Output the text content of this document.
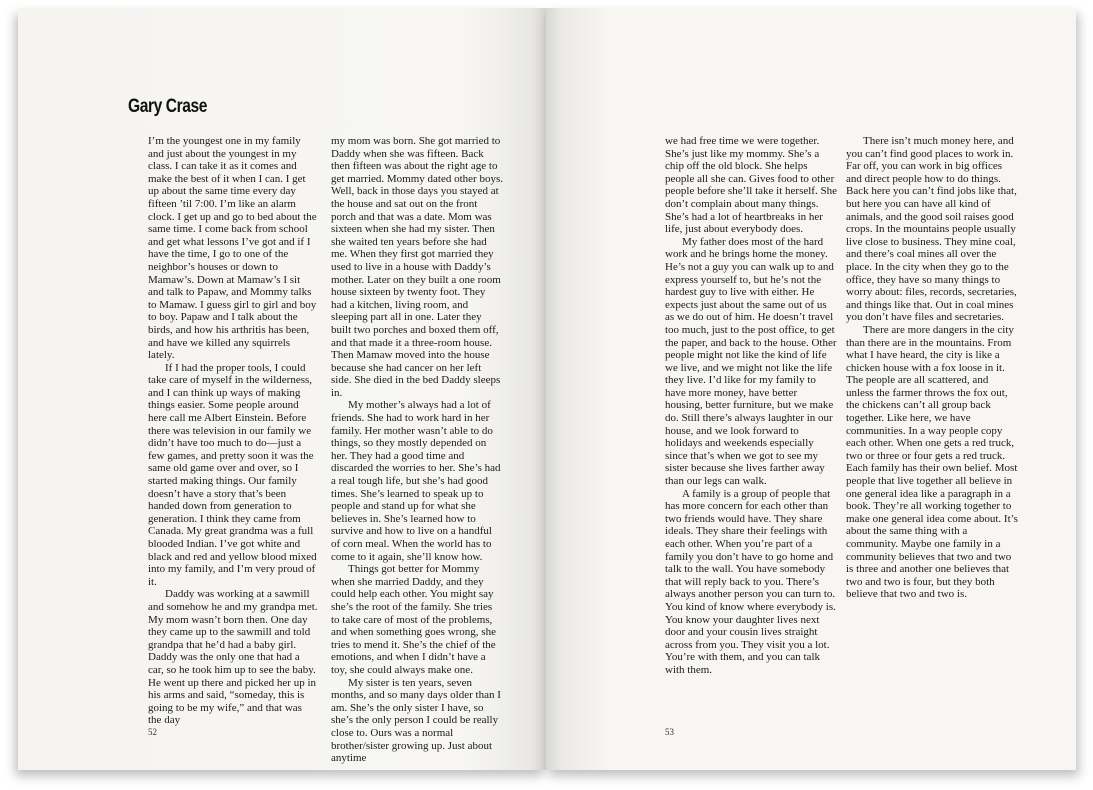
Gary Crase

I’m the youngest one in my family and just about the youngest in my class. I can take it as it comes and make the best of it when I can. I get up about the same time every day fifteen ’til 7:00. I’m like an alarm clock. I get up and go to bed about the same time. I come back from school and get what lessons I’ve got and if I have the time, I go to one of the neighbor’s houses or down to Mamaw’s. Down at Mamaw’s I sit and talk to Papaw, and Mommy talks to Mamaw. I guess girl to girl and boy to boy. Papaw and I talk about the birds, and how his arthritis has been, and have we killed any squirrels lately.

If I had the proper tools, I could take care of myself in the wilderness, and I can think up ways of making things easier. Some people around here call me Albert Einstein. Before there was television in our family we didn’t have too much to do—just a few games, and pretty soon it was the same old game over and over, so I started making things. Our family doesn’t have a story that’s been handed down from generation to generation. I think they came from Canada. My great grandma was a full blooded Indian. I’ve got white and black and red and yellow blood mixed into my family, and I’m very proud of it.

Daddy was working at a sawmill and somehow he and my grandpa met. My mom wasn’t born then. One day they came up to the sawmill and told grandpa that he’d had a baby girl. Daddy was the only one that had a car, so he took him up to see the baby. He went up there and picked her up in his arms and said, “someday, this is going to be my wife,” and that was the day

my mom was born. She got married to Daddy when she was fifteen. Back then fifteen was about the right age to get married. Mommy dated other boys. Well, back in those days you stayed at the house and sat out on the front porch and that was a date. Mom was sixteen when she had my sister. Then she waited ten years before she had me. When they first got married they used to live in a house with Daddy’s mother. Later on they built a one room house sixteen by twenty foot. They had a kitchen, living room, and sleeping part all in one. Later they built two porches and boxed them off, and that made it a three-room house. Then Mamaw moved into the house because she had cancer on her left side. She died in the bed Daddy sleeps in.

My mother’s always had a lot of friends. She had to work hard in her family. Her mother wasn’t able to do things, so they mostly depended on her. They had a good time and discarded the worries to her. She’s had a real tough life, but she’s had good times. She’s learned to speak up to people and stand up for what she believes in. She’s learned how to survive and how to live on a handful of corn meal. When the world has to come to it again, she’ll know how.

Things got better for Mommy when she married Daddy, and they could help each other. You might say she’s the root of the family. She tries to take care of most of the problems, and when something goes wrong, she tries to mend it. She’s the chief of the emotions, and when I didn’t have a toy, she could always make one.

My sister is ten years, seven months, and so many days older than I am. She’s the only sister I have, so she’s the only person I could be really close to. Ours was a normal brother/sister growing up. Just about anytime

we had free time we were together. She’s just like my mommy. She’s a chip off the old block. She helps people all she can. Gives food to other people before she’ll take it herself. She don’t complain about many things. She’s had a lot of heartbreaks in her life, just about everybody does.

My father does most of the hard work and he brings home the money. He’s not a guy you can walk up to and express yourself to, but he’s not the hardest guy to live with either. He expects just about the same out of us as we do out of him. He doesn’t travel too much, just to the post office, to get the paper, and back to the house. Other people might not like the kind of life we live, and we might not like the life they live. I’d like for my family to have more money, have better housing, better furniture, but we make do. Still there’s always laughter in our house, and we look forward to holidays and weekends especially since that’s when we got to see my sister because she lives farther away than our legs can walk.

A family is a group of people that has more concern for each other than two friends would have. They share ideals. They share their feelings with each other. When you’re part of a family you don’t have to go home and talk to the wall. You have somebody that will reply back to you. There’s always another person you can turn to. You kind of know where everybody is. You know your daughter lives next door and your cousin lives straight across from you. They visit you a lot. You’re with them, and you can talk with them.

There isn’t much money here, and you can’t find good places to work in. Far off, you can work in big offices and direct people how to do things. Back here you can’t find jobs like that, but here you can have all kind of animals, and the good soil raises good crops. In the mountains people usually live close to business. They mine coal, and there’s coal mines all over the place. In the city when they go to the office, they have so many things to worry about: files, records, secretaries, and things like that. Out in coal mines you don’t have files and secretaries.

There are more dangers in the city than there are in the mountains. From what I have heard, the city is like a chicken house with a fox loose in it. The people are all scattered, and unless the farmer throws the fox out, the chickens can’t all group back together. Like here, we have communities. In a way people copy each other. When one gets a red truck, two or three or four gets a red truck. Each family has their own belief. Most people that live together all believe in one general idea like a paragraph in a book. They’re all working together to make one general idea come about. It’s about the same thing with a community. Maybe one family in a community believes that two and two is three and another one believes that two and two is four, but they both believe that two and two is.

52	53
